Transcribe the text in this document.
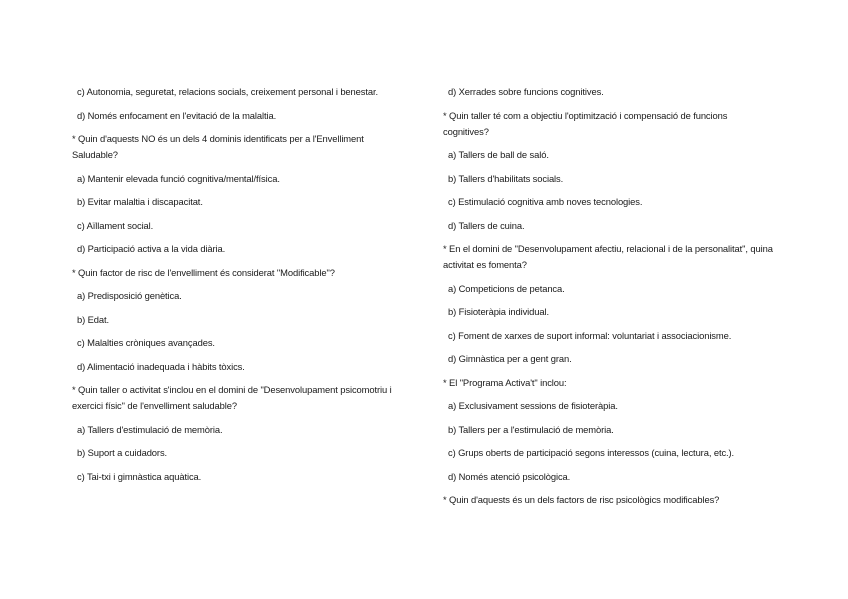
c) Autonomia, seguretat, relacions socials, creixement personal i benestar.

d) Només enfocament en l'evitació de la malaltia.

* Quin d'aquests NO és un dels 4 dominis identificats per a l'Envelliment Saludable?

a) Mantenir elevada funció cognitiva/mental/física.

b) Evitar malaltia i discapacitat.

c) Aïllament social.

d) Participació activa a la vida diària.

* Quin factor de risc de l'envelliment és considerat "Modificable"?

a) Predisposició genètica.

b) Edat.

c) Malalties cròniques avançades.

d) Alimentació inadequada i hàbits tòxics.

* Quin taller o activitat s'inclou en el domini de "Desenvolupament psicomotriu i exercici físic" de l'envelliment saludable?

a) Tallers d'estimulació de memòria.

b) Suport a cuidadors.

c) Tai-txi i gimnàstica aquàtica.

d) Xerrades sobre funcions cognitives.

* Quin taller té com a objectiu l'optimització i compensació de funcions cognitives?

a) Tallers de ball de saló.

b) Tallers d'habilitats socials.

c) Estimulació cognitiva amb noves tecnologies.

d) Tallers de cuina.

* En el domini de "Desenvolupament afectiu, relacional i de la personalitat", quina activitat es fomenta?

a) Competicions de petanca.

b) Fisioteràpia individual.

c) Foment de xarxes de suport informal: voluntariat i associacionisme.

d) Gimnàstica per a gent gran.

* El "Programa Activa't" inclou:

a) Exclusivament sessions de fisioteràpia.

b) Tallers per a l'estimulació de memòria.

c) Grups oberts de participació segons interessos (cuina, lectura, etc.).

d) Només atenció psicològica.

* Quin d'aquests és un dels factors de risc psicològics modificables?
